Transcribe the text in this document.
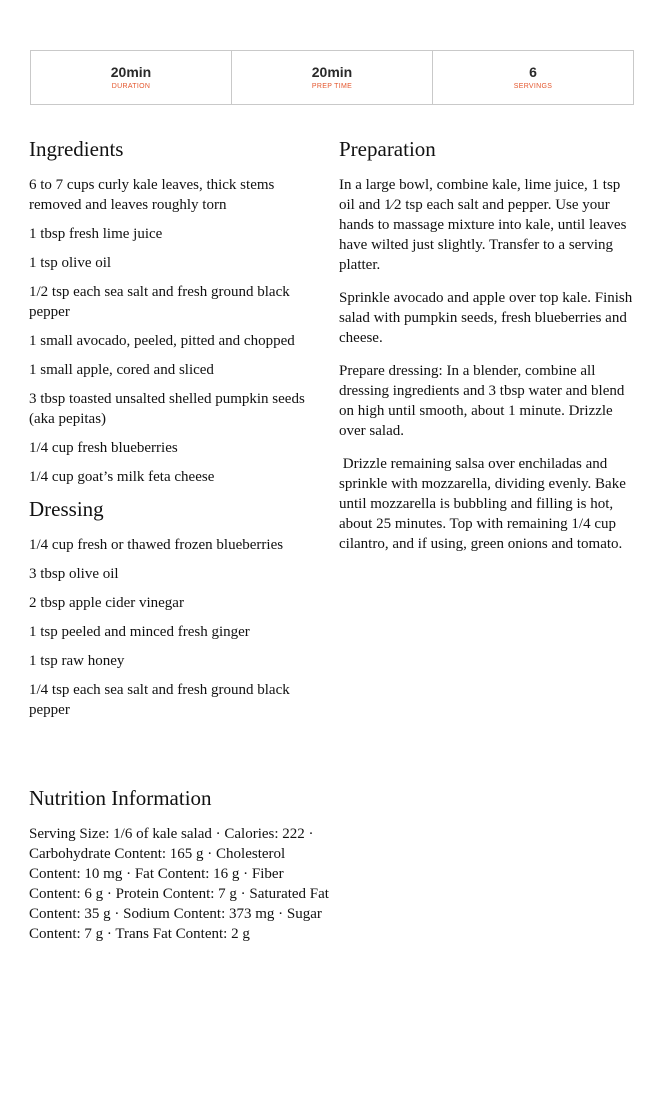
20min
DURATION
20min
PREP TIME
6
SERVINGS
Ingredients

6 to 7 cups curly kale leaves, thick stems removed and leaves roughly torn

1 tbsp fresh lime juice

1 tsp olive oil

1/2 tsp each sea salt and fresh ground black pepper

1 small avocado, peeled, pitted and chopped

1 small apple, cored and sliced

3 tbsp toasted unsalted shelled pumpkin seeds (aka pepitas)

1/4 cup fresh blueberries

1/4 cup goat’s milk feta cheese

Dressing

1/4 cup fresh or thawed frozen blueberries

3 tbsp olive oil

2 tbsp apple cider vinegar

1 tsp peeled and minced fresh ginger

1 tsp raw honey

1/4 tsp each sea salt and fresh ground black pepper

Preparation

In a large bowl, combine kale, lime juice, 1 tsp oil and 1⁄2 tsp each salt and pepper. Use your hands to massage mixture into kale, until leaves have wilted just slightly. Transfer to a serving platter.

Sprinkle avocado and apple over top kale. Finish salad with pumpkin seeds, fresh blueberries and cheese.

Prepare dressing: In a blender, combine all dressing ingredients and 3 tbsp water and blend on high until smooth, about 1 minute. Drizzle over salad.

Drizzle remaining salsa over enchiladas and sprinkle with mozzarella, dividing evenly. Bake until mozzarella is bubbling and filling is hot, about 25 minutes. Top with remaining 1/4 cup cilantro, and if using, green onions and tomato.

Nutrition Information

Serving Size: 1/6 of kale salad · Calories: 222 · Carbohydrate Content: 165 g · Cholesterol Content: 10 mg · Fat Content: 16 g · Fiber Content: 6 g · Protein Content: 7 g · Saturated Fat Content: 35 g · Sodium Content: 373 mg · Sugar Content: 7 g · Trans Fat Content: 2 g
